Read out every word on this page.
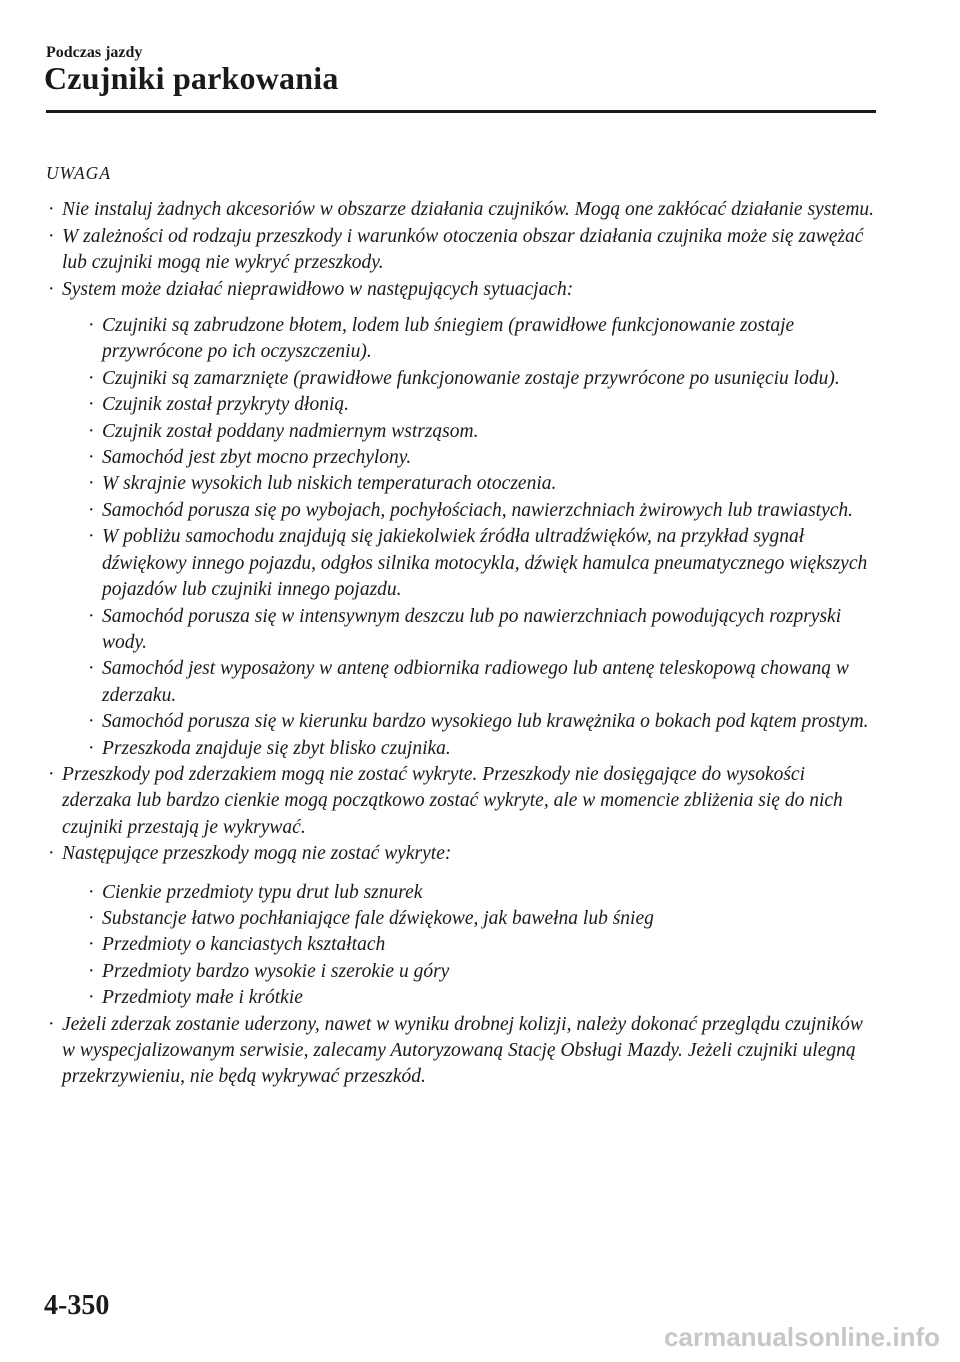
Podczas jazdy
Czujniki parkowania
UWAGA
· Nie instaluj żadnych akcesoriów w obszarze działania czujników. Mogą one zakłócać działanie systemu.
· W zależności od rodzaju przeszkody i warunków otoczenia obszar działania czujnika może się zawężać lub czujniki mogą nie wykryć przeszkody.
· System może działać nieprawidłowo w następujących sytuacjach:
· Czujniki są zabrudzone błotem, lodem lub śniegiem (prawidłowe funkcjonowanie zostaje przywrócone po ich oczyszczeniu).
· Czujniki są zamarznięte (prawidłowe funkcjonowanie zostaje przywrócone po usunięciu lodu).
· Czujnik został przykryty dłonią.
· Czujnik został poddany nadmiernym wstrząsom.
· Samochód jest zbyt mocno przechylony.
· W skrajnie wysokich lub niskich temperaturach otoczenia.
· Samochód porusza się po wybojach, pochyłościach, nawierzchniach żwirowych lub trawiastych.
· W pobliżu samochodu znajdują się jakiekolwiek źródła ultradźwięków, na przykład sygnał dźwiękowy innego pojazdu, odgłos silnika motocykla, dźwięk hamulca pneumatycznego większych pojazdów lub czujniki innego pojazdu.
· Samochód porusza się w intensywnym deszczu lub po nawierzchniach powodujących rozpryski wody.
· Samochód jest wyposażony w antenę odbiornika radiowego lub antenę teleskopową chowaną w zderzaku.
· Samochód porusza się w kierunku bardzo wysokiego lub krawężnika o bokach pod kątem prostym.
· Przeszkoda znajduje się zbyt blisko czujnika.
· Przeszkody pod zderzakiem mogą nie zostać wykryte. Przeszkody nie dosięgające do wysokości zderzaka lub bardzo cienkie mogą początkowo zostać wykryte, ale w momencie zbliżenia się do nich czujniki przestają je wykrywać.
· Następujące przeszkody mogą nie zostać wykryte:
· Cienkie przedmioty typu drut lub sznurek
· Substancje łatwo pochłaniające fale dźwiękowe, jak bawełna lub śnieg
· Przedmioty o kanciastych kształtach
· Przedmioty bardzo wysokie i szerokie u góry
· Przedmioty małe i krótkie
· Jeżeli zderzak zostanie uderzony, nawet w wyniku drobnej kolizji, należy dokonać przeglądu czujników w wyspecjalizowanym serwisie, zalecamy Autoryzowaną Stację Obsługi Mazdy. Jeżeli czujniki ulegną przekrzywieniu, nie będą wykrywać przeszkód.
4-350
carmanualsonline.info
